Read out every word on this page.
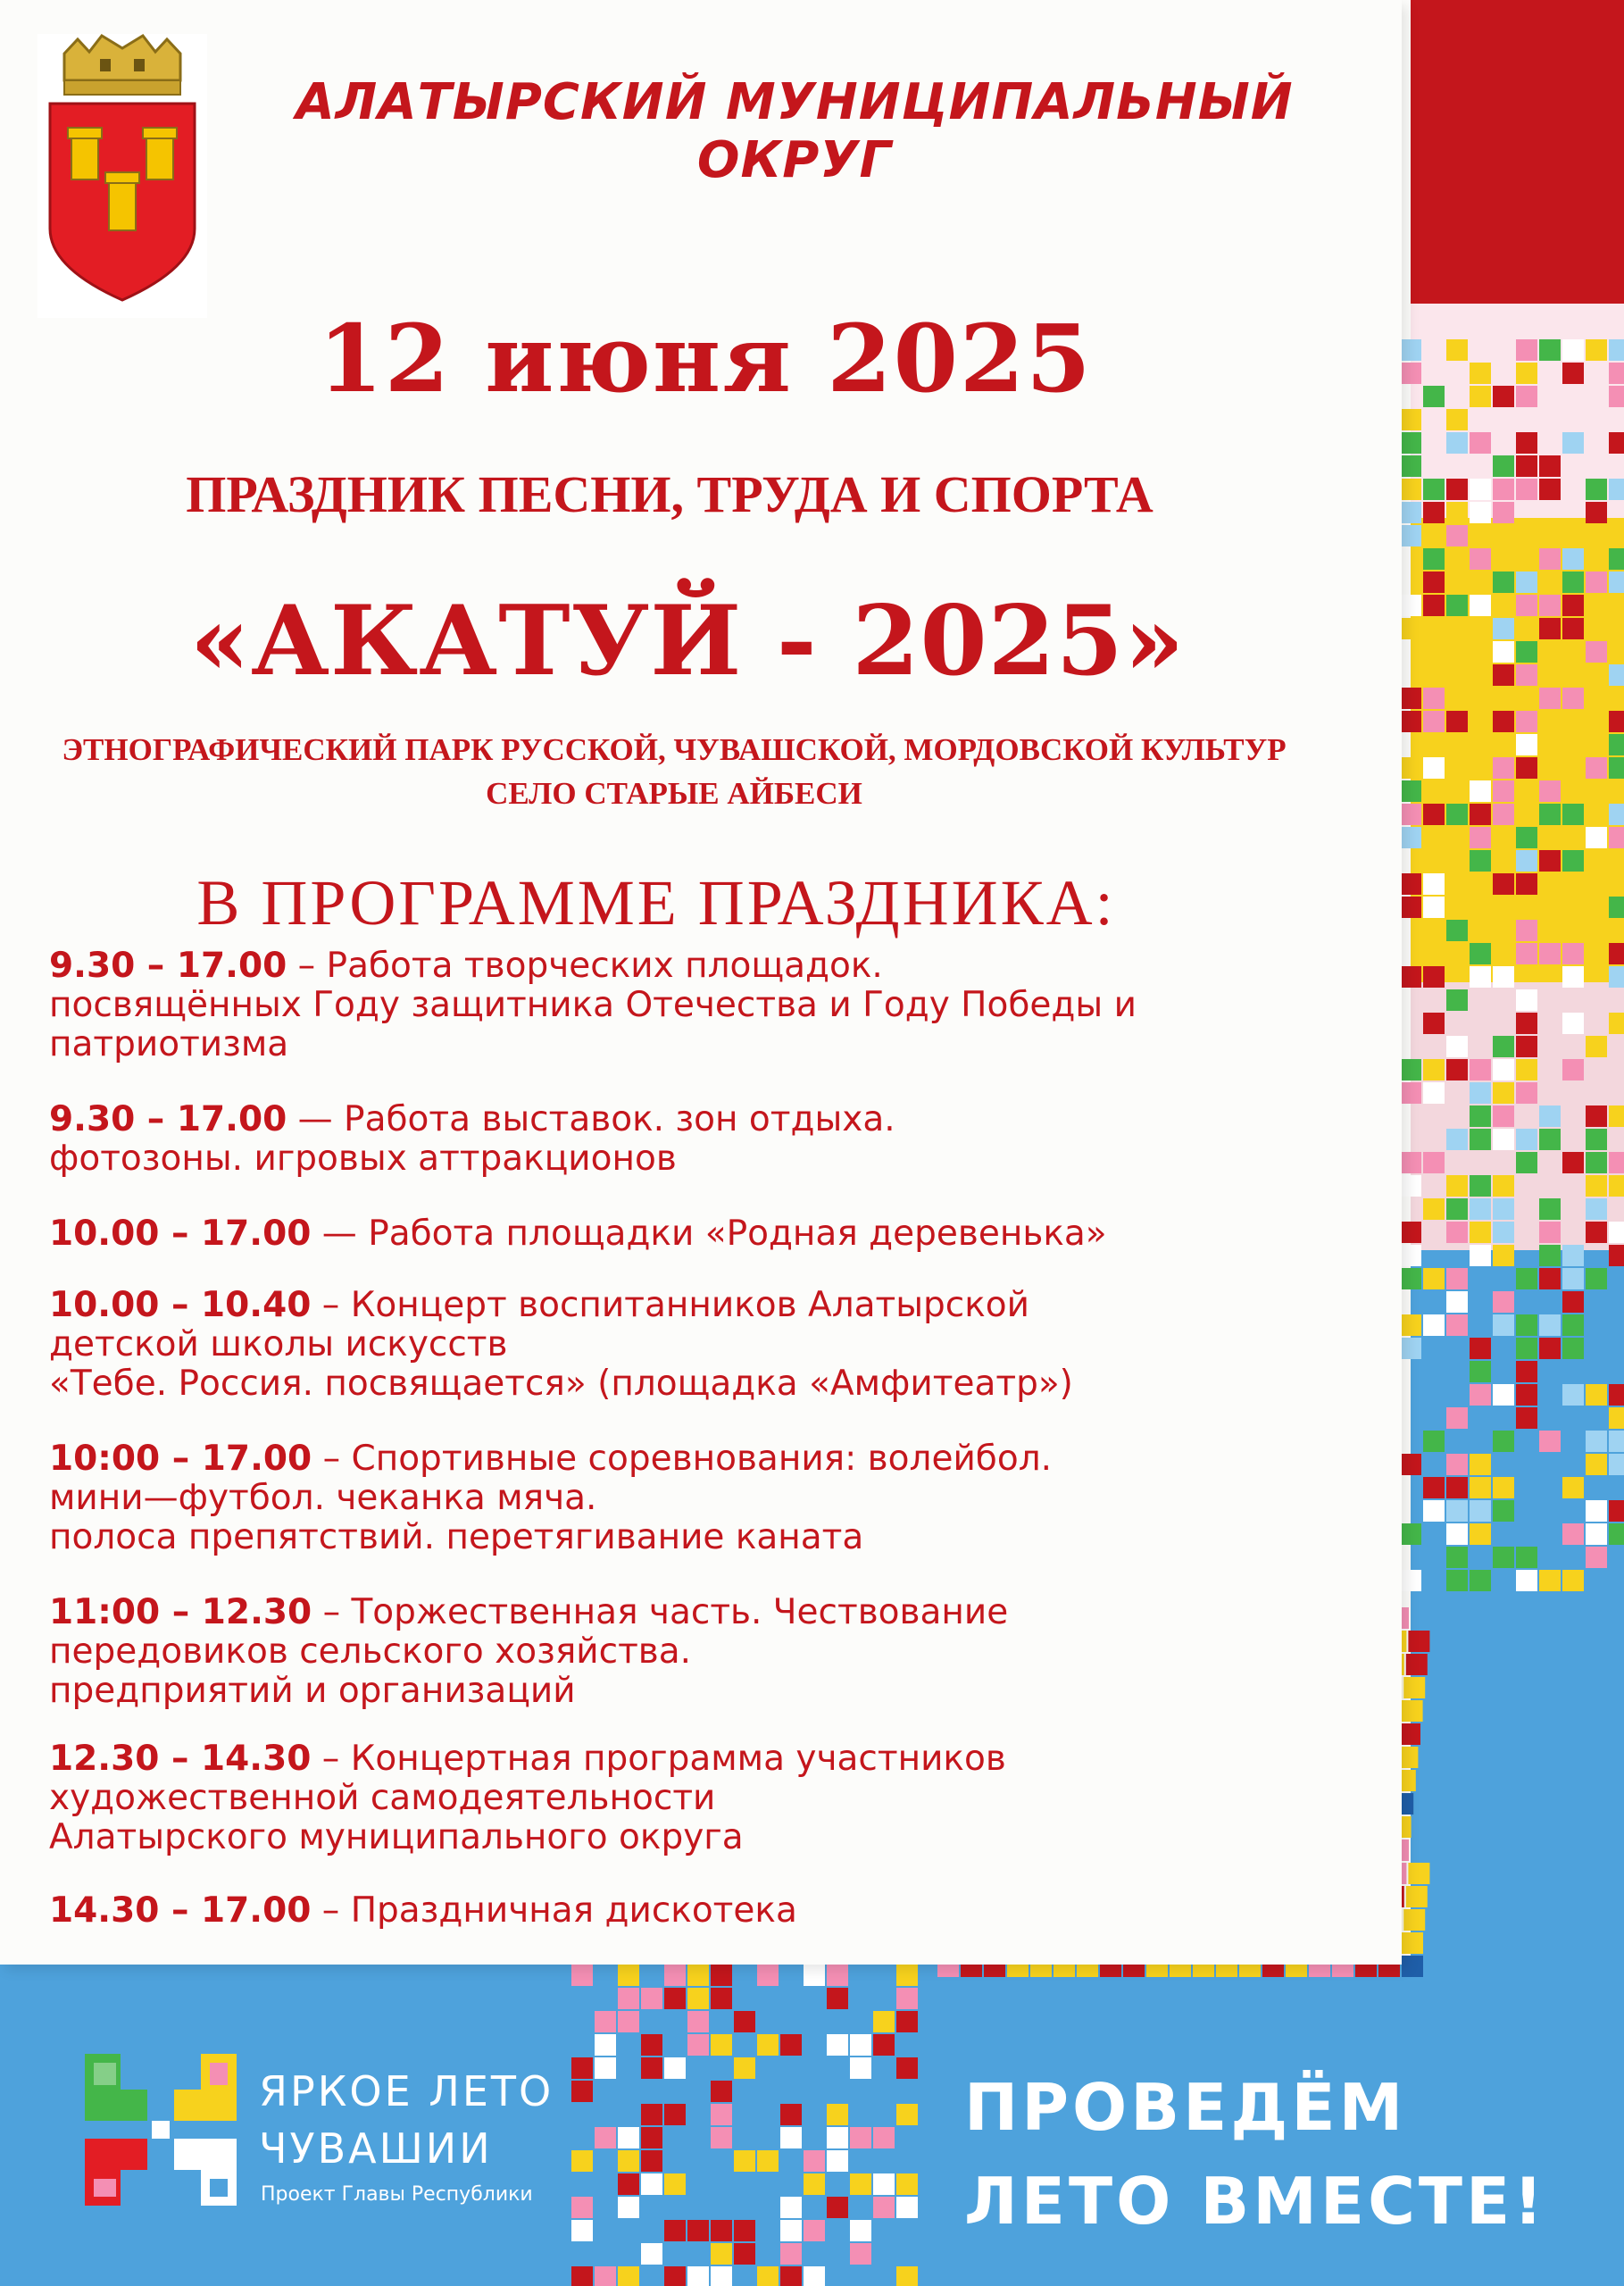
АЛАТЫРСКИЙ МУНИЦИПАЛЬНЫЙ ОКРУГ
12 июня 2025
ПРАЗДНИК ПЕСНИ, ТРУДА И СПОРТА
«АКАТУЙ - 2025»
ЭТНОГРАФИЧЕСКИЙ ПАРК РУССКОЙ, ЧУВАШСКОЙ, МОРДОВСКОЙ КУЛЬТУР
СЕЛО СТАРЫЕ АЙБЕСИ
В ПРОГРАММЕ ПРАЗДНИКА:
9.30 – 17.00 – Работа творческих площадок.
посвящённых Году защитника Отечества и Году Победы и
патриотизма
9.30 – 17.00 — Работа выставок. зон отдыха.
фотозоны. игровых аттракционов
10.00 – 17.00 — Работа площадки «Родная деревенька»
10.00 – 10.40 – Концерт воспитанников Алатырской
детской школы искусств
«Тебе. Россия. посвящается» (площадка «Амфитеатр»)
10:00 – 17.00 – Спортивные соревнования: волейбол.
мини—футбол. чеканка мяча.
полоса препятствий. перетягивание каната
11:00 – 12.30 – Торжественная часть. Чествование
передовиков сельского хозяйства.
предприятий и организаций
12.30 – 14.30 – Концертная программа участников
художественной самодеятельности
Алатырского муниципального округа
14.30 – 17.00 – Праздничная дискотека
ЯРКОЕ ЛЕТО
ЧУВАШИИ
Проект Главы Республики
ПРОВЕДЁМ
ЛЕТО ВМЕСТЕ!
